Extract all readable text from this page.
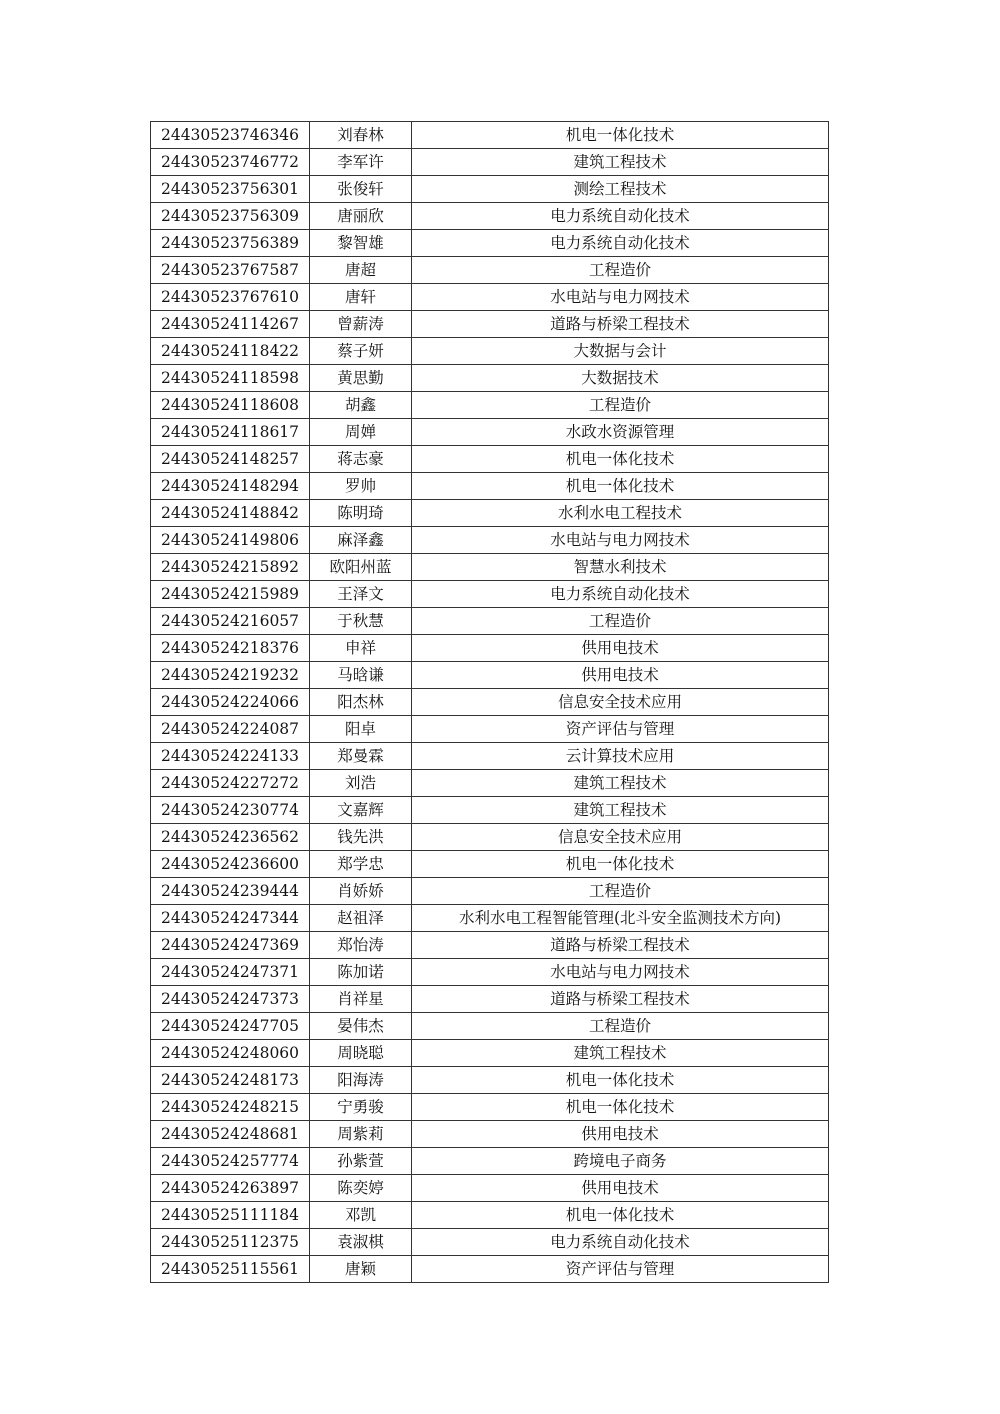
24430523746346	刘春林	机电一体化技术
24430523746772	李军许	建筑工程技术
24430523756301	张俊轩	测绘工程技术
24430523756309	唐丽欣	电力系统自动化技术
24430523756389	黎智雄	电力系统自动化技术
24430523767587	唐超	工程造价
24430523767610	唐轩	水电站与电力网技术
24430524114267	曾薪涛	道路与桥梁工程技术
24430524118422	蔡子妍	大数据与会计
24430524118598	黄思勤	大数据技术
24430524118608	胡鑫	工程造价
24430524118617	周婵	水政水资源管理
24430524148257	蒋志豪	机电一体化技术
24430524148294	罗帅	机电一体化技术
24430524148842	陈明琦	水利水电工程技术
24430524149806	麻泽鑫	水电站与电力网技术
24430524215892	欧阳州蓝	智慧水利技术
24430524215989	王泽文	电力系统自动化技术
24430524216057	于秋慧	工程造价
24430524218376	申祥	供用电技术
24430524219232	马晗谦	供用电技术
24430524224066	阳杰林	信息安全技术应用
24430524224087	阳卓	资产评估与管理
24430524224133	郑曼霖	云计算技术应用
24430524227272	刘浩	建筑工程技术
24430524230774	文嘉辉	建筑工程技术
24430524236562	钱先洪	信息安全技术应用
24430524236600	郑学忠	机电一体化技术
24430524239444	肖娇娇	工程造价
24430524247344	赵祖泽	水利水电工程智能管理(北斗安全监测技术方向)
24430524247369	郑怡涛	道路与桥梁工程技术
24430524247371	陈加诺	水电站与电力网技术
24430524247373	肖祥星	道路与桥梁工程技术
24430524247705	晏伟杰	工程造价
24430524248060	周晓聪	建筑工程技术
24430524248173	阳海涛	机电一体化技术
24430524248215	宁勇骏	机电一体化技术
24430524248681	周紫莉	供用电技术
24430524257774	孙紫萱	跨境电子商务
24430524263897	陈奕婷	供用电技术
24430525111184	邓凯	机电一体化技术
24430525112375	袁淑棋	电力系统自动化技术
24430525115561	唐颖	资产评估与管理
